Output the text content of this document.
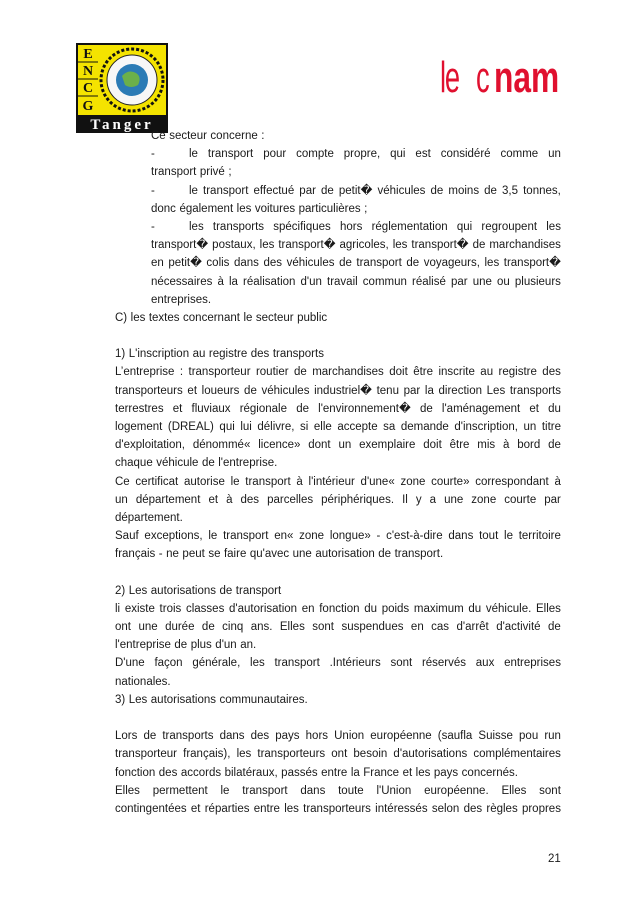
E
N
C
G
Tanger
le c nam
Ce secteur concerne :
-	le transport pour compte propre, qui est considéré comme un
transport privé ;
-	le transport effectué par de petit� véhicules de moins de 3,5 tonnes,
donc également les voitures particulières ;
-	les transports spécifiques hors réglementation qui regroupent les
transport� postaux, les transport� agricoles, les transport� de marchandises
en petit� colis dans des véhicules de transport de voyageurs, les transport�
nécessaires à la réalisation d'un travail commun réalisé par une ou plusieurs
entreprises.
C) les textes concernant le secteur public
1) L'inscription au registre des transports
L’entreprise : transporteur routier de marchandises doit être inscrite au registre des
transporteurs et loueurs de véhicules industriel� tenu par la direction Les transports
terrestres et fluviaux régionale de l'environnement� de l'aménagement et du
logement (DREAL) qui lui délivre, si elle accepte sa demande d'inscription, un titre
d'exploitation, dénommé« licence» dont un exemplaire doit être mis à bord de
chaque véhicule de l'entreprise.
Ce certificat autorise le transport à l'intérieur d'une« zone courte» correspondant à
un département et à des parcelles périphériques. Il y a une zone courte par
département.
Sauf exceptions, le transport en« zone longue» - c'est-à-dire dans tout le territoire
français - ne peut se faire qu'avec une autorisation de transport.
2) Les autorisations de transport
li existe trois classes d'autorisation en fonction du poids maximum du véhicule. Elles
ont une durée de cinq ans. Elles sont suspendues en cas d'arrêt d'activité de
l'entreprise de plus d'un an.
D'une façon générale, les transport .Intérieurs sont réservés aux entreprises
nationales.
3) Les autorisations communautaires.
Lors de transports dans des pays hors Union européenne (saufla Suisse pou run
transporteur français), les transporteurs ont besoin d'autorisations complémentaires
fonction des accords bilatéraux, passés entre la France et les pays concernés.
Elles permettent le transport dans toute l'Union européenne. Elles sont
contingentées et réparties entre les transporteurs intéressés selon des règles propres
21
